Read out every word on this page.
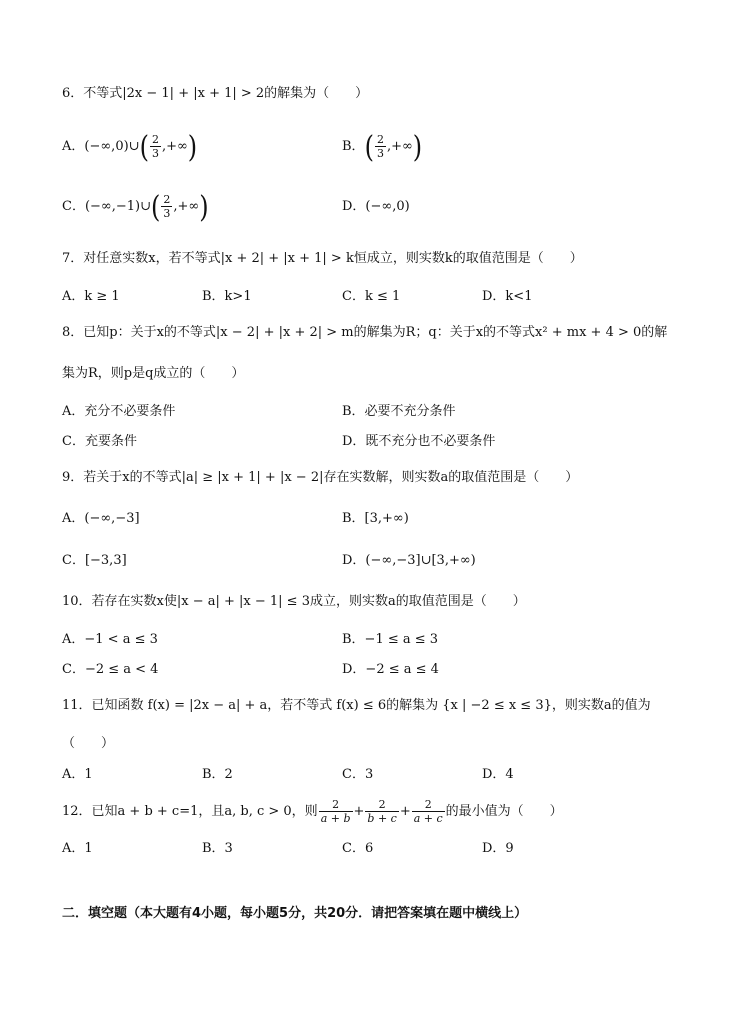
6．不等式|2x − 1| + |x + 1| > 2的解集为（　　）
A．(−∞,0)∪( $\frac{2}{3}$ ,+∞)	B．( $\frac{2}{3}$ ,+∞)
C．(−∞,−1)∪( $\frac{2}{3}$ ,+∞)	D．(−∞,0)
7．对任意实数x，若不等式|x + 2| + |x + 1| > k恒成立，则实数k的取值范围是（　　）
A．k ≥ 1	B．k>1	C．k ≤ 1	D．k<1
8．已知p：关于x的不等式|x − 2| + |x + 2| > m的解集为R；q：关于x的不等式x² + mx + 4 > 0的解
集为R，则p是q成立的（　　）
A．充分不必要条件	B．必要不充分条件
C．充要条件	D．既不充分也不必要条件
9．若关于x的不等式|a| ≥ |x + 1| + |x − 2|存在实数解，则实数a的取值范围是（　　）
A．(−∞,−3]	B．[3,+∞)
C．[−3,3]	D．(−∞,−3]∪[3,+∞)
10．若存在实数x使|x − a| + |x − 1| ≤ 3成立，则实数a的取值范围是（　　）
A．−1 < a ≤ 3	B．−1 ≤ a ≤ 3
C．−2 ≤ a < 4	D．−2 ≤ a ≤ 4
11．已知函数 f(x) = |2x − a| + a，若不等式 f(x) ≤ 6的解集为 {x | −2 ≤ x ≤ 3}，则实数a的值为
（　　）
A．1	B．2	C．3	D．4
12．已知a + b + c=1，且a, b, c > 0，则 $\frac{2}{a + b} + \frac{2}{b + c} + \frac{2}{a + c}$ 的最小值为（　　）
A．1	B．3	C．6	D．9
二．填空题（本大题有4小题，每小题5分，共20分．请把答案填在题中横线上）
